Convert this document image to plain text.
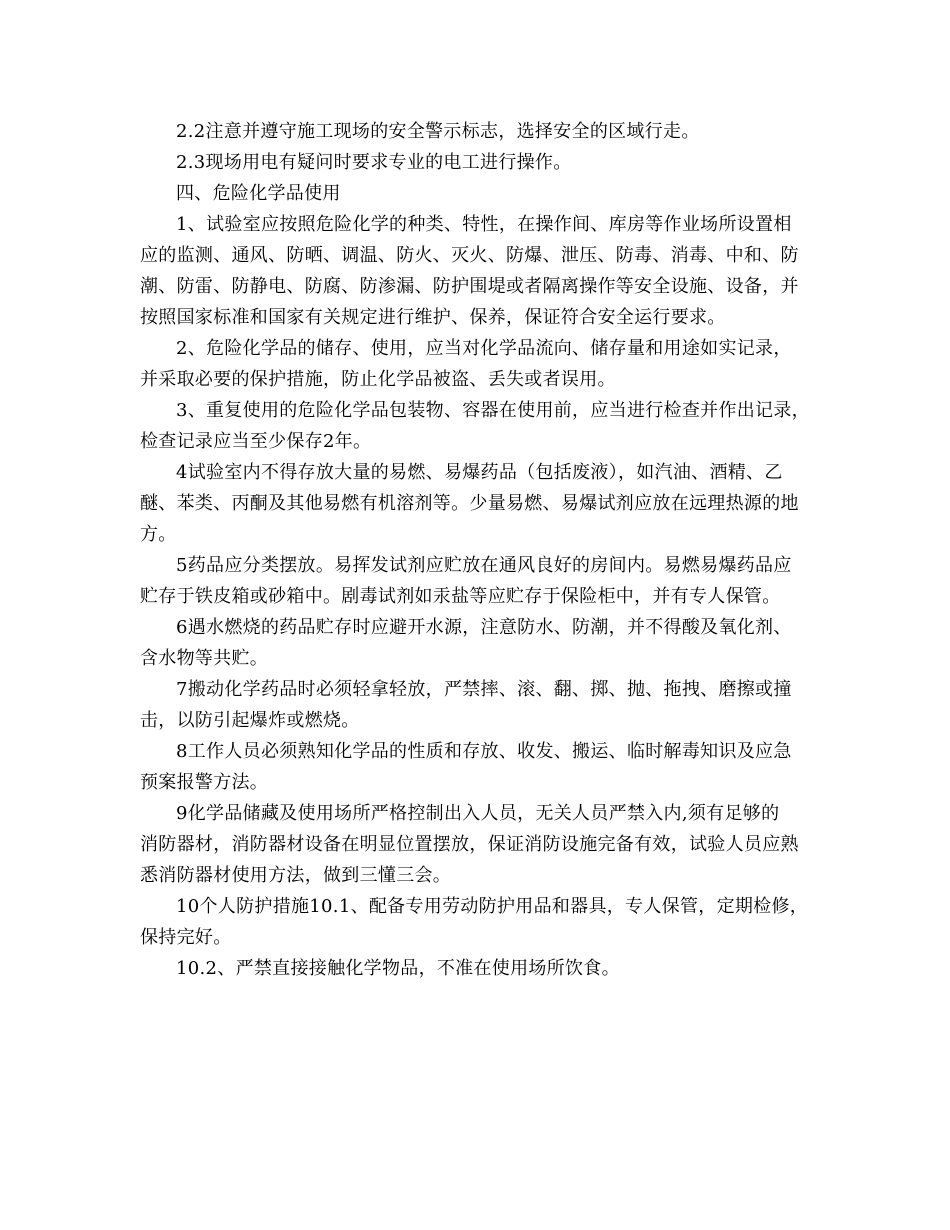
2.2注意并遵守施工现场的安全警示标志，选择安全的区域行走。
2.3现场用电有疑问时要求专业的电工进行操作。
四、危险化学品使用
1、试验室应按照危险化学的种类、特性，在操作间、库房等作业场所设置相
应的监测、通风、防晒、调温、防火、灭火、防爆、泄压、防毒、消毒、中和、防
潮、防雷、防静电、防腐、防渗漏、防护围堤或者隔离操作等安全设施、设备，并
按照国家标准和国家有关规定进行维护、保养，保证符合安全运行要求。
2、危险化学品的储存、使用，应当对化学品流向、储存量和用途如实记录，
并采取必要的保护措施，防止化学品被盗、丢失或者误用。
3、重复使用的危险化学品包装物、容器在使用前，应当进行检查并作出记录，
检查记录应当至少保存2年。
4试验室内不得存放大量的易燃、易爆药品（包括废液），如汽油、酒精、乙
醚、苯类、丙酮及其他易燃有机溶剂等。少量易燃、易爆试剂应放在远理热源的地
方。
5药品应分类摆放。易挥发试剂应贮放在通风良好的房间内。易燃易爆药品应
贮存于铁皮箱或砂箱中。剧毒试剂如汞盐等应贮存于保险柜中，并有专人保管。
6遇水燃烧的药品贮存时应避开水源，注意防水、防潮，并不得酸及氧化剂、
含水物等共贮。
7搬动化学药品时必须轻拿轻放，严禁摔、滚、翻、掷、抛、拖拽、磨擦或撞
击，以防引起爆炸或燃烧。
8工作人员必须熟知化学品的性质和存放、收发、搬运、临时解毒知识及应急
预案报警方法。
9化学品储藏及使用场所严格控制出入人员，无关人员严禁入内,须有足够的
消防器材，消防器材设备在明显位置摆放，保证消防设施完备有效，试验人员应熟
悉消防器材使用方法，做到三懂三会。
10个人防护措施10.1、配备专用劳动防护用品和器具，专人保管，定期检修，
保持完好。
10.2、严禁直接接触化学物品，不准在使用场所饮食。
